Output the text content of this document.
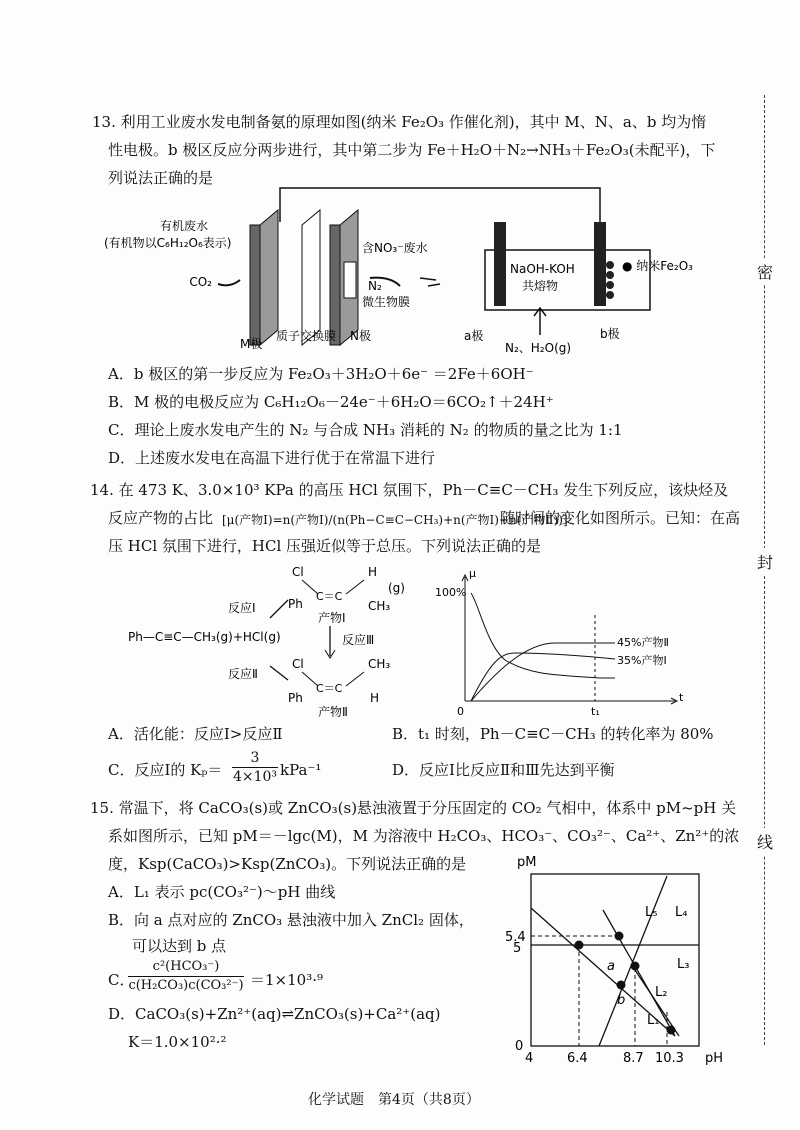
密
封
线
13. 利用工业废水发电制备氨的原理如图(纳米 Fe₂O₃ 作催化剂)，其中 M、N、a、b 均为惰
性电极。b 极区反应分两步进行，其中第二步为 Fe＋H₂O＋N₂→NH₃＋Fe₂O₃(未配平)，下
列说法正确的是
有机废水
(有机物以C₆H₁₂O₆表示)
CO₂
含NO₃⁻废水
N₂
微生物膜
M极
质子交换膜 N极
NaOH-KOH
共熔物
● 纳米Fe₂O₃
a极	b极
N₂、H₂O(g)
A．b 极区的第一步反应为 Fe₂O₃＋3H₂O＋6e⁻ ＝2Fe＋6OH⁻
B．M 极的电极反应为 C₆H₁₂O₆－24e⁻＋6H₂O＝6CO₂↑＋24H⁺
C．理论上废水发电产生的 N₂ 与合成 NH₃ 消耗的 N₂ 的物质的量之比为 1:1
D．上述废水发电在高温下进行优于在常温下进行
14. 在 473 K、3.0×10³ KPa 的高压 HCl 氛围下，Ph－C≡C－CH₃ 发生下列反应，该炔烃及
反应产物的占比 [μ(产物Ⅰ)=n(产物Ⅰ)/(n(Ph−C≡C−CH₃)+n(产物Ⅰ)+n(产物Ⅱ))]
随时间的变化如图所示。已知：在高
压 HCl 氛围下进行，HCl 压强近似等于总压。下列说法正确的是
Cl	H
C＝C
Ph	CH₃
(g)
产物Ⅰ
反应Ⅰ
Ph—C≡C—CH₃(g)+HCl(g)	反应Ⅲ
反应Ⅱ
Cl	CH₃
C＝C
Ph	H
产物Ⅱ
μ
100%
0	t₁
t
45%产物Ⅱ
35%产物Ⅰ
A．活化能：反应Ⅰ>反应Ⅱ	B．t₁ 时刻，Ph－C≡C－CH₃ 的转化率为 80%
C．反应Ⅰ的 Kₚ＝
3
4×10³ kPa⁻¹	D．反应Ⅰ比反应Ⅱ和Ⅲ先达到平衡
15. 常温下，将 CaCO₃(s)或 ZnCO₃(s)悬浊液置于分压固定的 CO₂ 气相中，体系中 pM~pH 关
系如图所示，已知 pM＝－lgc(M)，M 为溶液中 H₂CO₃、HCO₃⁻、CO₃²⁻、Ca²⁺、Zn²⁺的浓
度，Ksp(CaCO₃)>Ksp(ZnCO₃)。下列说法正确的是
A．L₁ 表示 pc(CO₃²⁻)～pH 曲线
B．向 a 点对应的 ZnCO₃ 悬浊液中加入 ZnCl₂ 固体，
可以达到 b 点
C．
c²(HCO₃⁻)
c(H₂CO₃)c(CO₃²⁻) ＝1×10³·⁹
D．CaCO₃(s)+Zn²⁺(aq)⇌ZnCO₃(s)+Ca²⁺(aq)
K＝1.0×10²·²
pM
pH
5.4
5
0
4	6.4	8.7 10.3
L₅ L₄
L₃
L₂
L₁
a
b
化学试题　第4页（共8页）
